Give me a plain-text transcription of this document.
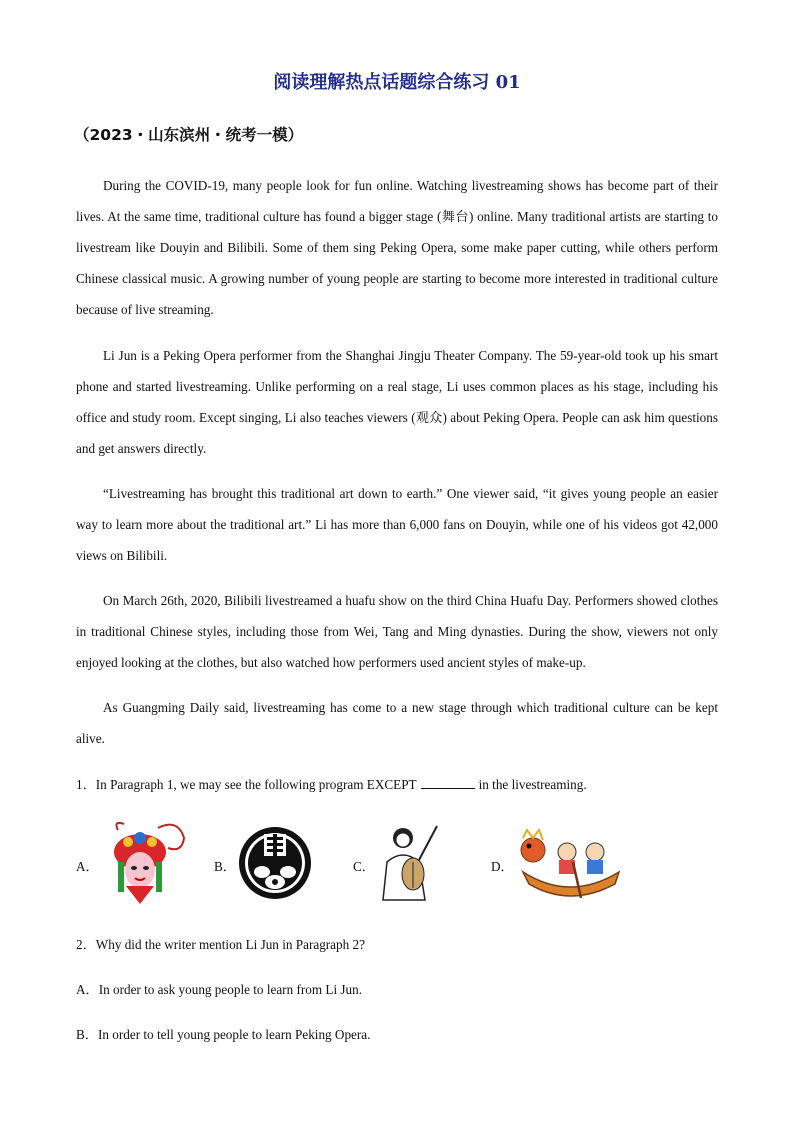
阅读理解热点话题综合练习 01
（2023・山东滨州・统考一模）

During the COVID-19, many people look for fun online. Watching livestreaming shows has become part of their lives. At the same time, traditional culture has found a bigger stage (舞台) online. Many traditional artists are starting to livestream like Douyin and Bilibili. Some of them sing Peking Opera, some make paper cutting, while others perform Chinese classical music. A growing number of young people are starting to become more interested in traditional culture because of live streaming.

Li Jun is a Peking Opera performer from the Shanghai Jingju Theater Company. The 59-year-old took up his smart phone and started livestreaming. Unlike performing on a real stage, Li uses common places as his stage, including his office and study room. Except singing, Li also teaches viewers (观众) about Peking Opera. People can ask him questions and get answers directly.

“Livestreaming has brought this traditional art down to earth.” One viewer said, “it gives young people an easier way to learn more about the traditional art.” Li has more than 6,000 fans on Douyin, while one of his videos got 42,000 views on Bilibili.

On March 26th, 2020, Bilibili livestreamed a huafu show on the third China Huafu Day. Performers showed clothes in traditional Chinese styles, including those from Wei, Tang and Ming dynasties. During the show, viewers not only enjoyed looking at the clothes, but also watched how performers used ancient styles of make-up.

As Guangming Daily said, livestreaming has come to a new stage through which traditional culture can be kept alive.

1．In Paragraph 1, we may see the following program EXCEPT	in the livestreaming.
A．	B．	C．	D．
2．Why did the writer mention Li Jun in Paragraph 2?
A．In order to ask young people to learn from Li Jun.
B．In order to tell young people to learn Peking Opera.
